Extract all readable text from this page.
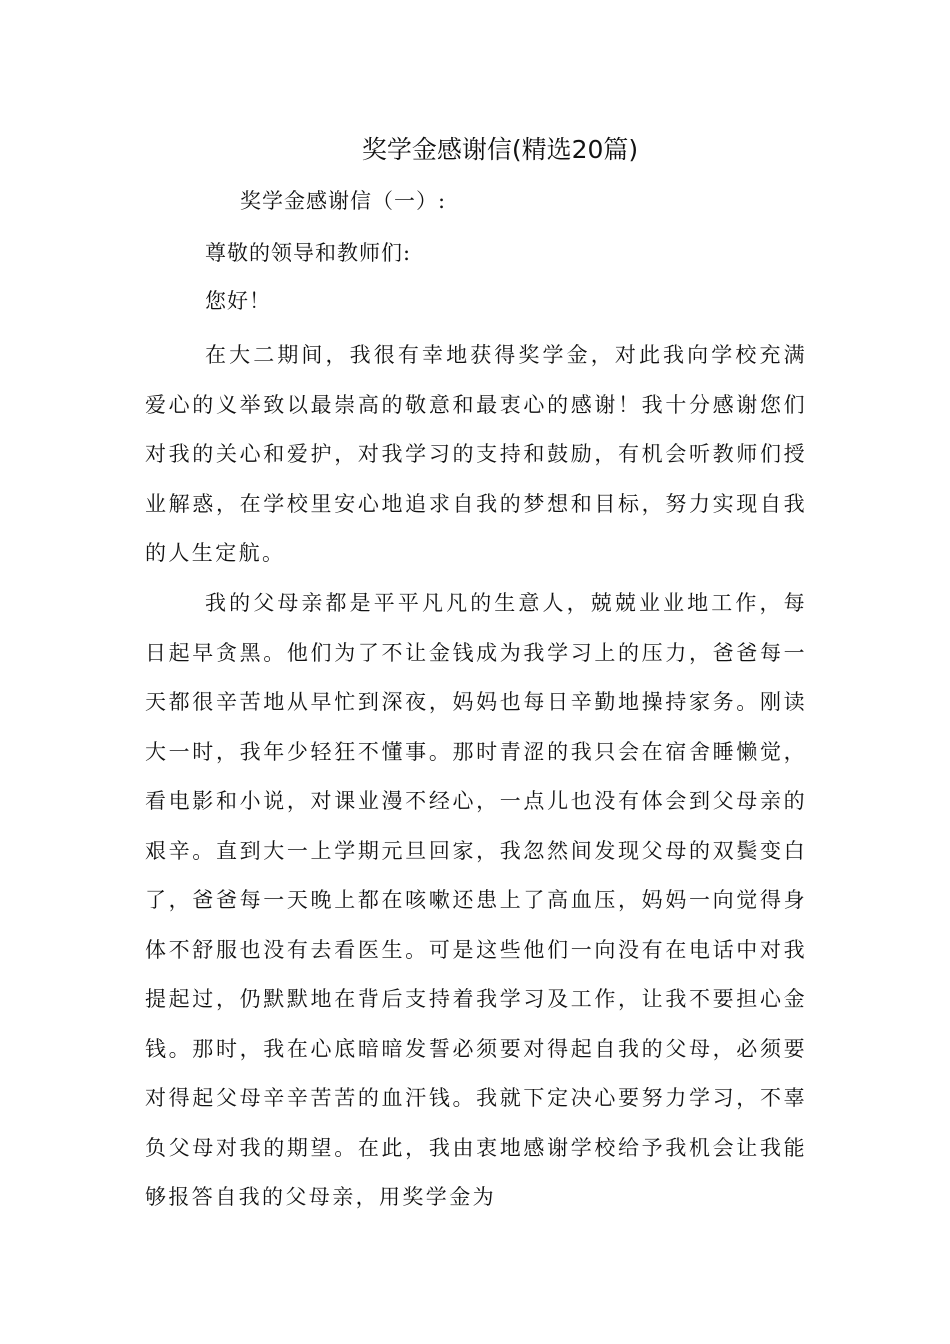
奖学金感谢信(精选20篇)
奖学金感谢信（一）:
尊敬的领导和教师们:
您好！

在大二期间，我很有幸地获得奖学金，对此我向学校充满爱心的义举致以最崇高的敬意和最衷心的感谢！我十分感谢您们对我的关心和爱护，对我学习的支持和鼓励，有机会听教师们授业解惑，在学校里安心地追求自我的梦想和目标，努力实现自我的人生定航。

我的父母亲都是平平凡凡的生意人，兢兢业业地工作，每日起早贪黑。他们为了不让金钱成为我学习上的压力，爸爸每一天都很辛苦地从早忙到深夜，妈妈也每日辛勤地操持家务。刚读大一时，我年少轻狂不懂事。那时青涩的我只会在宿舍睡懒觉，看电影和小说，对课业漫不经心，一点儿也没有体会到父母亲的艰辛。直到大一上学期元旦回家，我忽然间发现父母的双鬓变白了，爸爸每一天晚上都在咳嗽还患上了高血压，妈妈一向觉得身体不舒服也没有去看医生。可是这些他们一向没有在电话中对我提起过，仍默默地在背后支持着我学习及工作，让我不要担心金钱。那时，我在心底暗暗发誓必须要对得起自我的父母，必须要对得起父母辛辛苦苦的血汗钱。我就下定决心要努力学习，不辜负父母对我的期望。在此，我由衷地感谢学校给予我机会让我能够报答自我的父母亲，用奖学金为
